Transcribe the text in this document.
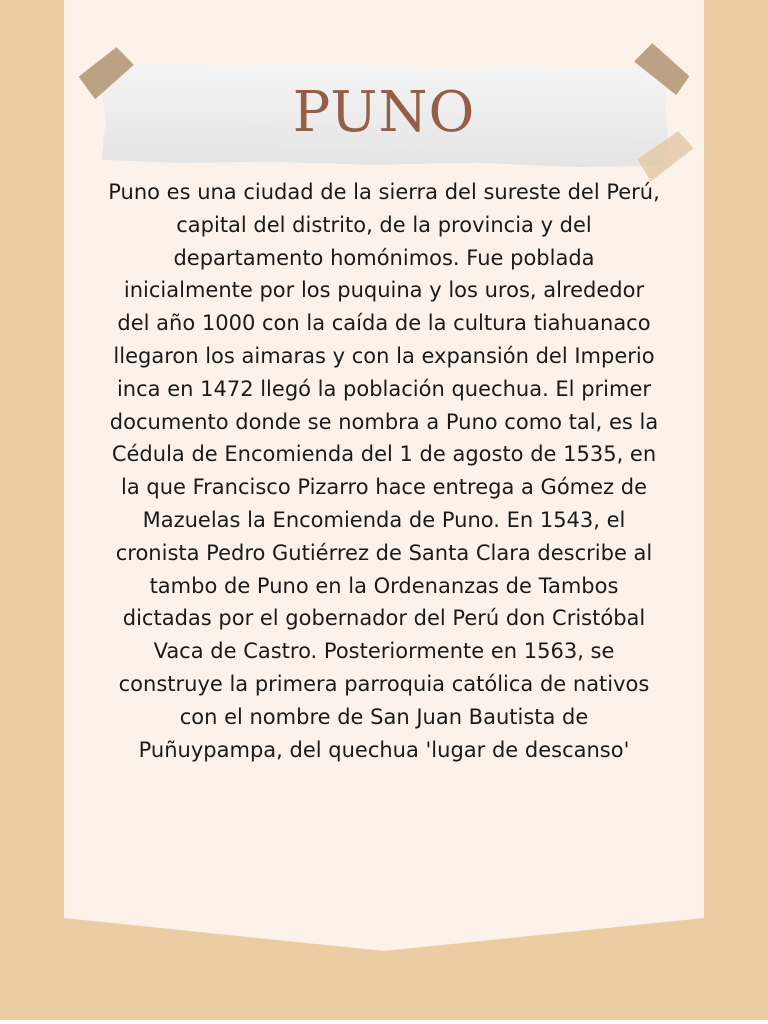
PUNO

Puno es una ciudad de la sierra del sureste del Perú, capital del distrito, de la provincia y del departamento homónimos. Fue poblada inicialmente por los puquina y los uros, alrededor del año 1000 con la caída de la cultura tiahuanaco llegaron los aimaras y con la expansión del Imperio inca en 1472 llegó la población quechua. El primer documento donde se nombra a Puno como tal, es la Cédula de Encomienda del 1 de agosto de 1535, en la que Francisco Pizarro hace entrega a Gómez de Mazuelas la Encomienda de Puno. En 1543, el cronista Pedro Gutiérrez de Santa Clara describe al tambo de Puno en la Ordenanzas de Tambos dictadas por el gobernador del Perú don Cristóbal Vaca de Castro. Posteriormente en 1563, se construye la primera parroquia católica de nativos con el nombre de San Juan Bautista de Puñuypampa, del quechua 'lugar de descanso'
